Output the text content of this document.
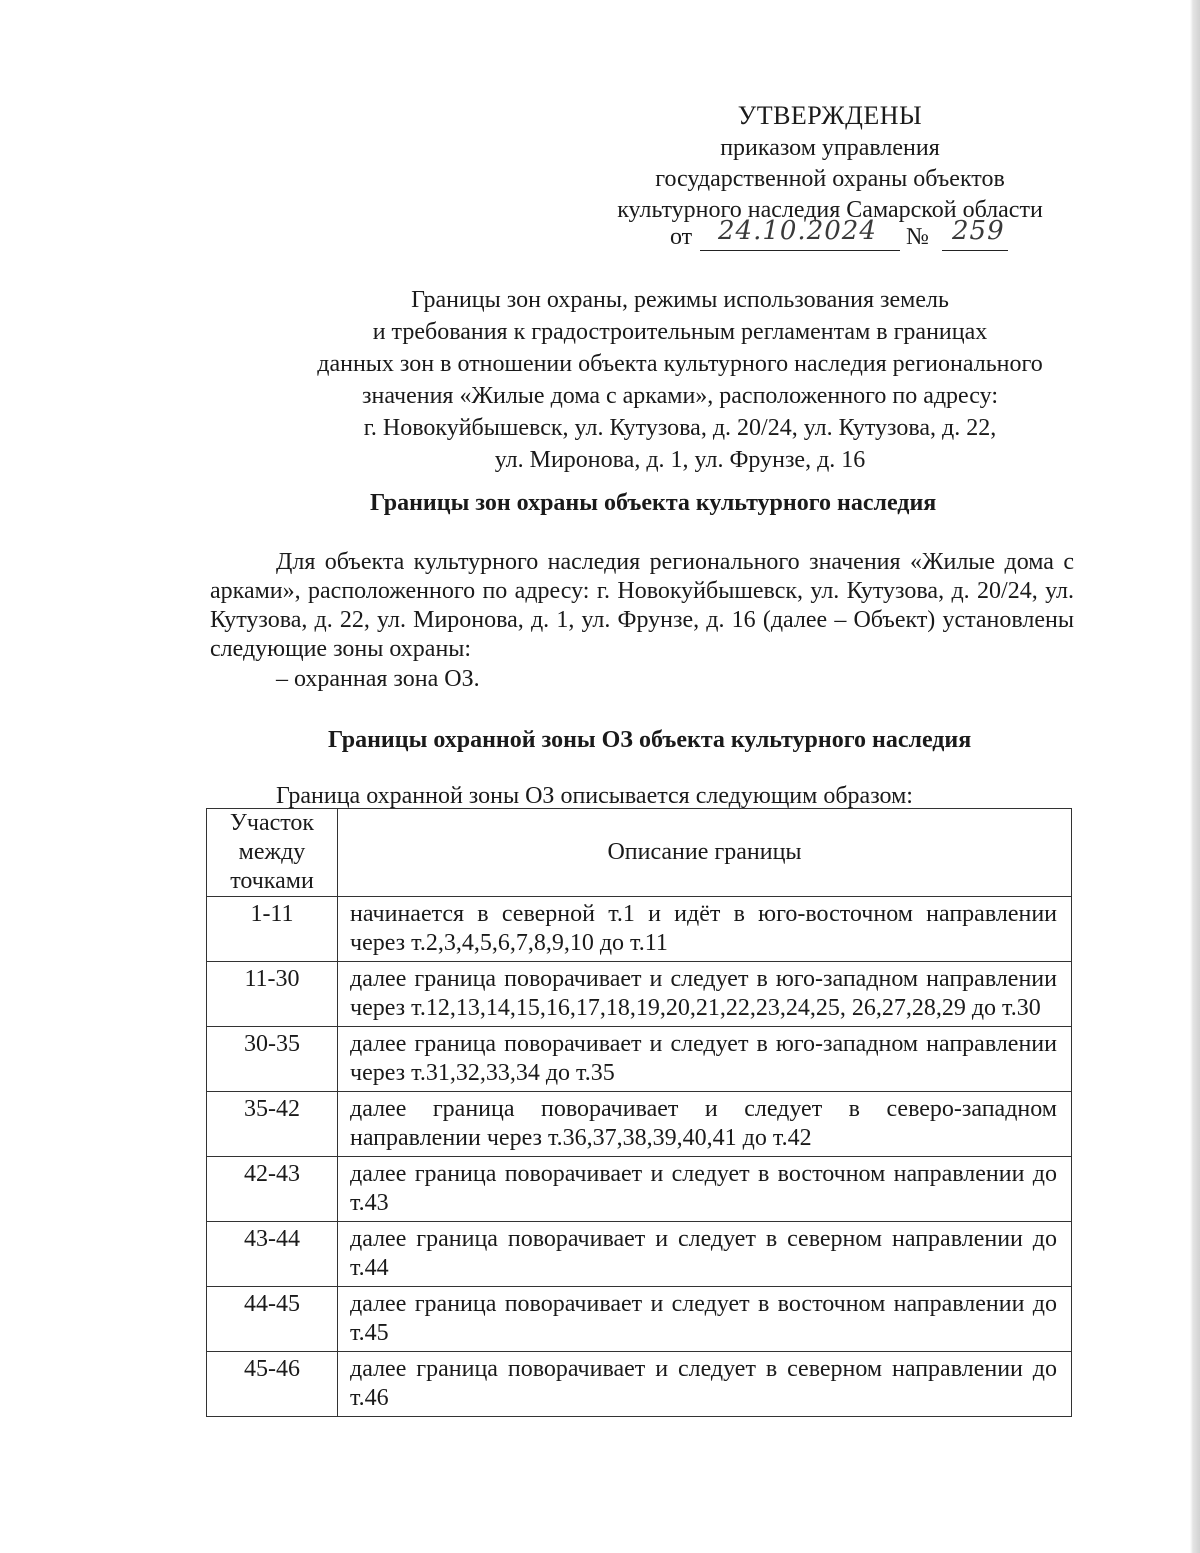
УТВЕРЖДЕНЫ
приказом управления
государственной охраны объектов
культурного наследия Самарской области
от 24.10.2024 № 259
Границы зон охраны, режимы использования земель
и требования к градостроительным регламентам в границах
данных зон в отношении объекта культурного наследия регионального
значения «Жилые дома с арками», расположенного по адресу:
г. Новокуйбышевск, ул. Кутузова, д. 20/24, ул. Кутузова, д. 22,
ул. Миронова, д. 1, ул. Фрунзе, д. 16
Границы зон охраны объекта культурного наследия
Для объекта культурного наследия регионального значения «Жилые дома с арками», расположенного по адресу: г. Новокуйбышевск, ул. Кутузова, д. 20/24, ул. Кутузова, д. 22, ул. Миронова, д. 1, ул. Фрунзе, д. 16 (далее – Объект) установлены следующие зоны охраны:
– охранная зона ОЗ.
Границы охранной зоны ОЗ объекта культурного наследия
Граница охранной зоны ОЗ описывается следующим образом:
Участок между точками	Описание границы
1-11	начинается в северной т.1 и идёт в юго-восточном направлении через т.2,3,4,5,6,7,8,9,10 до т.11
11-30	далее граница поворачивает и следует в юго-западном направлении через т.12,13,14,15,16,17,18,19,20,21,22,23,24,25, 26,27,28,29 до т.30
30-35	далее граница поворачивает и следует в юго-западном направлении через т.31,32,33,34 до т.35
35-42	далее граница поворачивает и следует в северо-западном направлении через т.36,37,38,39,40,41 до т.42
42-43	далее граница поворачивает и следует в восточном направлении до т.43
43-44	далее граница поворачивает и следует в северном направлении до т.44
44-45	далее граница поворачивает и следует в восточном направлении до т.45
45-46	далее граница поворачивает и следует в северном направлении до т.46
